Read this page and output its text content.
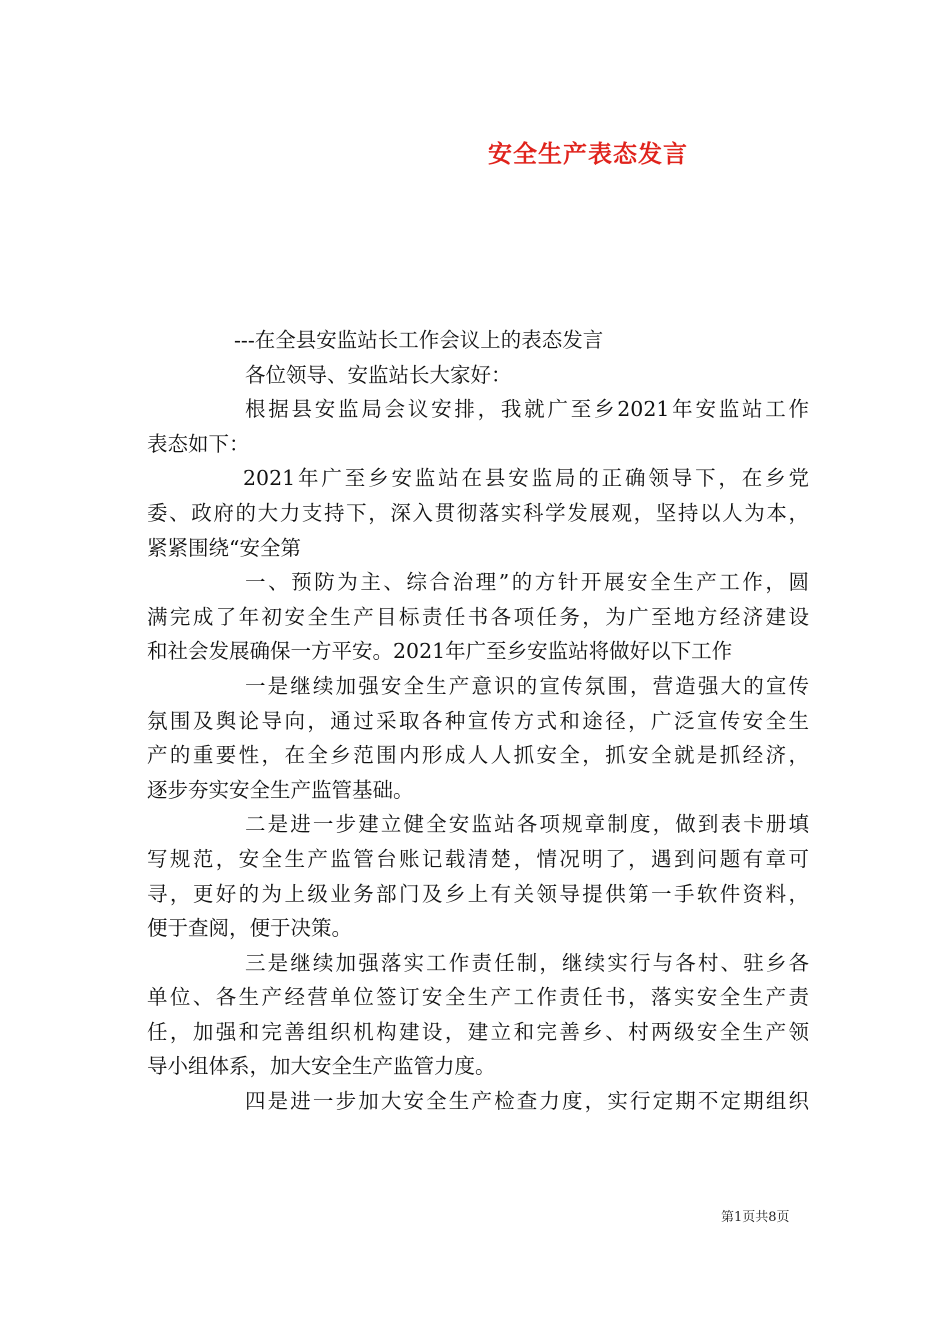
安全生产表态发言
---在全县安监站长工作会议上的表态发言
各位领导、安监站长大家好：
根据县安监局会议安排，我就广至乡2021年安监站工作
表态如下：
2021年广至乡安监站在县安监局的正确领导下，在乡党
委、政府的大力支持下，深入贯彻落实科学发展观，坚持以人为本，
紧紧围绕“安全第
一、预防为主、综合治理”的方针开展安全生产工作，圆
满完成了年初安全生产目标责任书各项任务，为广至地方经济建设
和社会发展确保一方平安。2021年广至乡安监站将做好以下工作
一是继续加强安全生产意识的宣传氛围，营造强大的宣传
氛围及舆论导向，通过采取各种宣传方式和途径，广泛宣传安全生
产的重要性，在全乡范围内形成人人抓安全，抓安全就是抓经济，
逐步夯实安全生产监管基础。
二是进一步建立健全安监站各项规章制度，做到表卡册填
写规范，安全生产监管台账记载清楚，情况明了，遇到问题有章可
寻，更好的为上级业务部门及乡上有关领导提供第一手软件资料，
便于查阅，便于决策。
三是继续加强落实工作责任制，继续实行与各村、驻乡各
单位、各生产经营单位签订安全生产工作责任书，落实安全生产责
任，加强和完善组织机构建设，建立和完善乡、村两级安全生产领
导小组体系，加大安全生产监管力度。
四是进一步加大安全生产检查力度，实行定期不定期组织
第1页共8页
